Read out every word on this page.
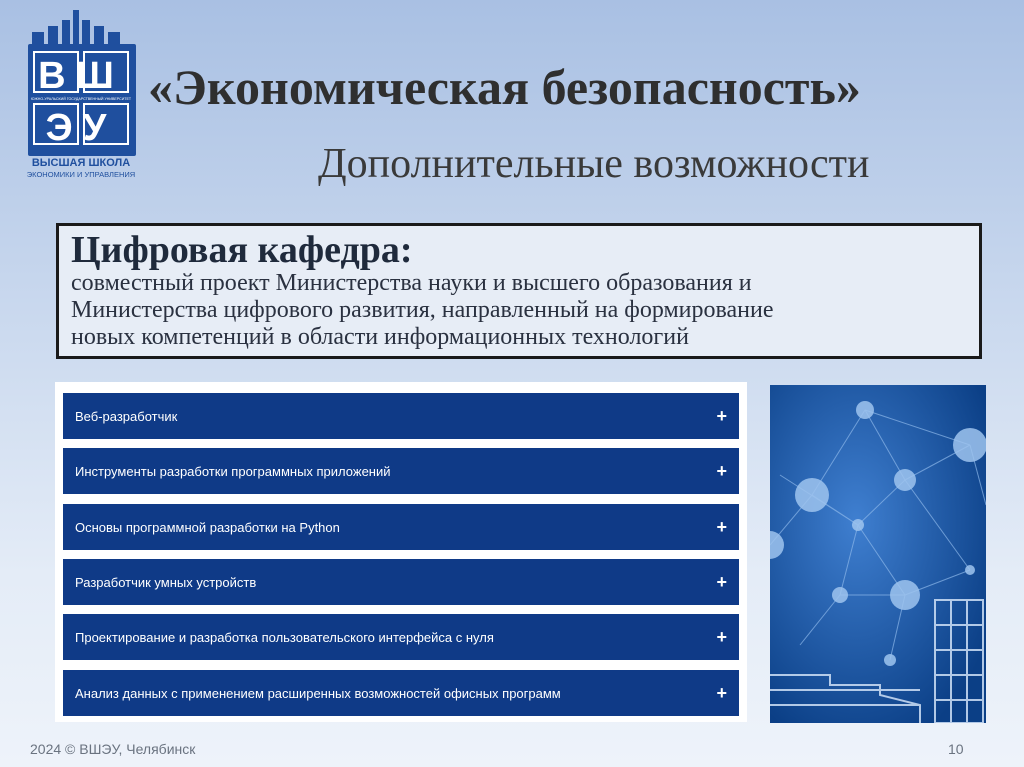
ВШ
ЭУ
ЮЖНО-УРАЛЬСКИЙ ГОСУДАРСТВЕННЫЙ УНИВЕРСИТЕТ
ВЫСШАЯ ШКОЛА
ЭКОНОМИКИ И УПРАВЛЕНИЯ
«Экономическая безопасность»
Дополнительные возможности
Цифровая кафедра:
совместный проект Министерства науки и высшего образования и
Министерства цифрового развития, направленный на формирование
новых компетенций в области информационных технологий
Веб-разработчик	+
Инструменты разработки программных приложений	+
Основы программной разработки на Python	+
Разработчик умных устройств	+
Проектирование и разработка пользовательского интерфейса с нуля	+
Анализ данных с применением расширенных возможностей офисных программ	+
2024 © ВШЭУ, Челябинск	10
